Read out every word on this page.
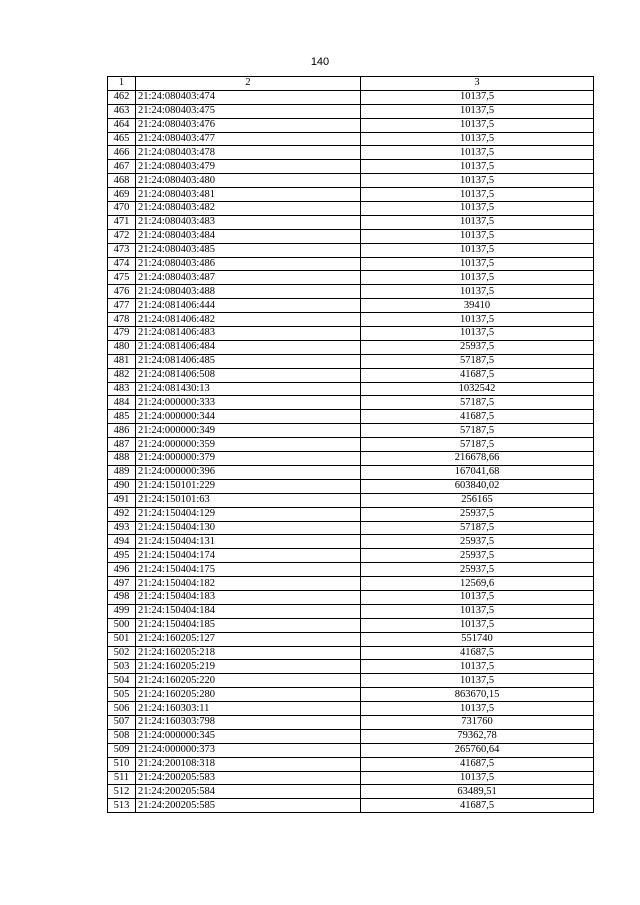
140
1	2	3
462	21:24:080403:474	10137,5
463	21:24:080403:475	10137,5
464	21:24:080403:476	10137,5
465	21:24:080403:477	10137,5
466	21:24:080403:478	10137,5
467	21:24:080403:479	10137,5
468	21:24:080403:480	10137,5
469	21:24:080403:481	10137,5
470	21:24:080403:482	10137,5
471	21:24:080403:483	10137,5
472	21:24:080403:484	10137,5
473	21:24:080403:485	10137,5
474	21:24:080403:486	10137,5
475	21:24:080403:487	10137,5
476	21:24:080403:488	10137,5
477	21:24:081406:444	39410
478	21:24:081406:482	10137,5
479	21:24:081406:483	10137,5
480	21:24:081406:484	25937,5
481	21:24:081406:485	57187,5
482	21:24:081406:508	41687,5
483	21:24:081430:13	1032542
484	21:24:000000:333	57187,5
485	21:24:000000:344	41687,5
486	21:24:000000:349	57187,5
487	21:24:000000:359	57187,5
488	21:24:000000:379	216678,66
489	21:24:000000:396	167041,68
490	21:24:150101:229	603840,02
491	21:24:150101:63	256165
492	21:24:150404:129	25937,5
493	21:24:150404:130	57187,5
494	21:24:150404:131	25937,5
495	21:24:150404:174	25937,5
496	21:24:150404:175	25937,5
497	21:24:150404:182	12569,6
498	21:24:150404:183	10137,5
499	21:24:150404:184	10137,5
500	21:24:150404:185	10137,5
501	21:24:160205:127	551740
502	21:24:160205:218	41687,5
503	21:24:160205:219	10137,5
504	21:24:160205:220	10137,5
505	21:24:160205:280	863670,15
506	21:24:160303:11	10137,5
507	21:24:160303:798	731760
508	21:24:000000:345	79362,78
509	21:24:000000:373	265760,64
510	21:24:200108:318	41687,5
511	21:24:200205:583	10137,5
512	21:24:200205:584	63489,51
513	21:24:200205:585	41687,5
